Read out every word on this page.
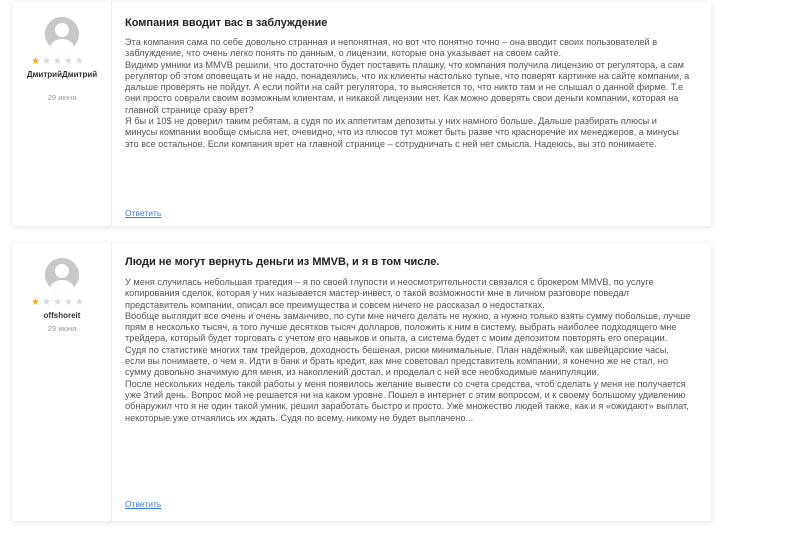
★★★★★
ДмитрийДмитрий
29 июня
Компания вводит вас в заблуждение

Эта компания сама по себе довольно странная и непонятная, но вот что понятно точно – она вводит своих пользователей в заблуждение, что очень легко понять по данным, о лицензии, которые она указывает на своем сайте.

Видимо умники из MMVB решили, что достаточно будет поставить плашку, что компания получила лицензию от регулятора, а сам регулятор об этом оповещать и не надо, понадеялись, что их клиенты настолько тупые, что поверят картинке на сайте компании, а дальше проверять не пойдут. А если пойти на сайт регулятора, то выясняется то, что никто там и не слышал о данной фирме. Т.е они просто соврали своим возможным клиентам, и никакой лицензии нет. Как можно доверять свои деньги компании, которая на главной странице сразу врет?

Я бы и 10$ не доверил таким ребятам, а судя по их аппетитам депозиты у них намного больше. Дальше разбирать плюсы и минусы компании вообще смысла нет, очевидно, что из плюсов тут может быть разве что красноречие их менеджеров, а минусы это все остальное. Если компания врет на главной странице – сотрудничать с ней нет смысла. Надеюсь, вы это понимаете.

Ответить
★★★★★
offshoreit
29 июня
Люди не могут вернуть деньги из MMVB, и я в том числе.

У меня случилась небольшая трагедия – я по своей глупости и неосмотрительности связался с брокером MMVB, по услуге копирования сделок, которая у них называется мастер-инвест, о такой возможности мне в личном разговоре поведал представитель компании, описал все преимущества и совсем ничего не рассказал о недостатках.

Вообще выглядит все очень и очень заманчиво, по сути мне ничего делать не нужно, а нужно только взять сумму побольше, лучше прям в несколько тысяч, а того лучше десятков тысяч долларов, положить к ним в систему, выбрать наиболее подходящего мне трейдера, который будет торговать с учетом его навыков и опыта, а система будет с моим депозитом повторять его операции. Судя по статистике многих там трейдеров, доходность бешеная, риски минимальные. План надёжный, как швейцарские часы, если вы понимаете, о чем я. Идти в банк и брать кредит, как мне советовал представитель компании, я конечно же не стал, но сумму довольно значимую для меня, из накоплений достал, и проделал с ней все необходимые манипуляции.

После нескольких недель такой работы у меня появилось желание вывести со счета средства, чтоб сделать у меня не получается уже 3тий день. Вопрос мой не решается ни на каком уровне. Пошел в интернет с этим вопросом, и к своему большому удивлению обнаружил что я не один такой умник, решил заработать быстро и просто. Уже множество людей также, как и я «ожидают» выплат, некоторые уже отчаялись их ждать. Судя по всему, никому не будет выплачено...

Ответить
